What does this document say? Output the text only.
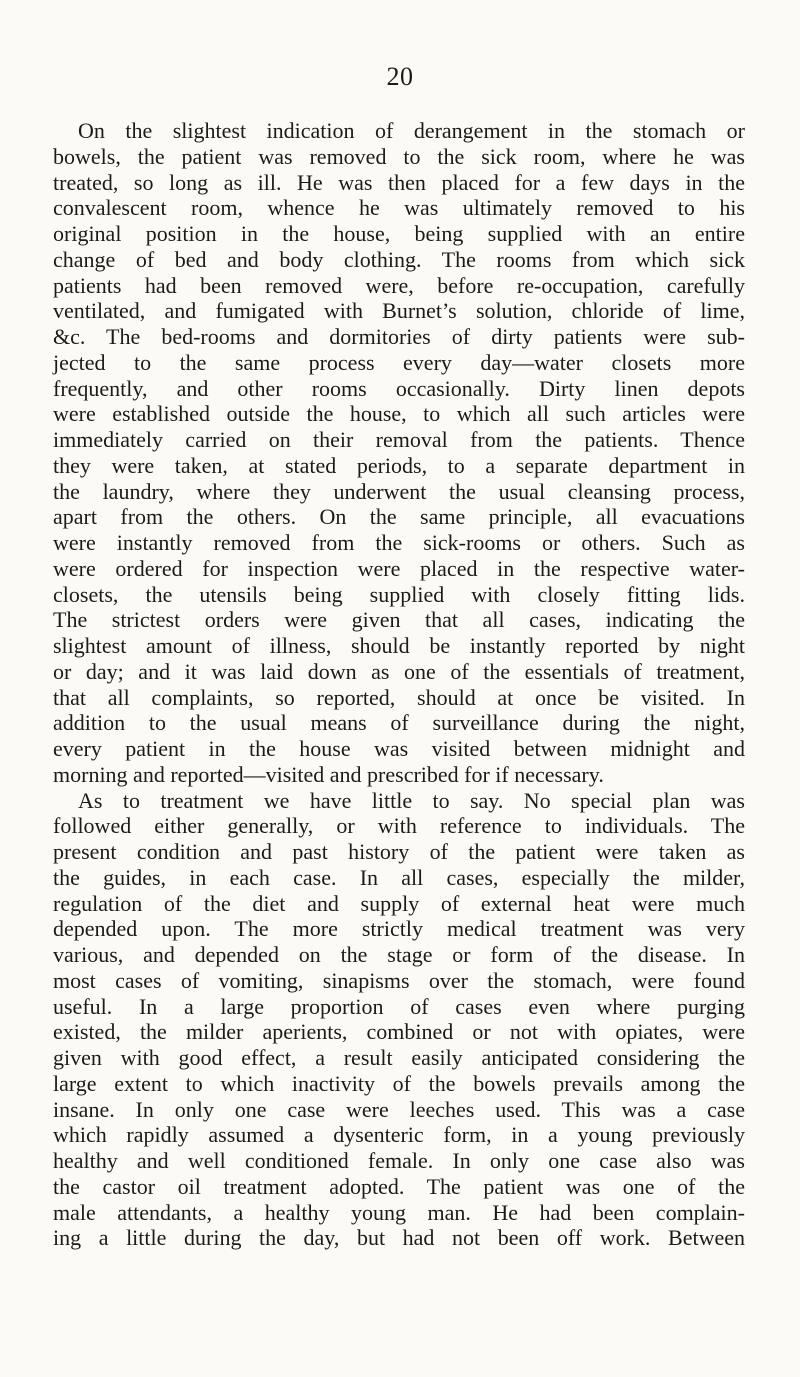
20
On the slightest indication of derangement in the stomach or
bowels, the patient was removed to the sick room, where he was
treated, so long as ill. He was then placed for a few days in the
convalescent room, whence he was ultimately removed to his
original position in the house, being supplied with an entire
change of bed and body clothing. The rooms from which sick
patients had been removed were, before re-occupation, carefully
ventilated, and fumigated with Burnet’s solution, chloride of lime,
&c. The bed-rooms and dormitories of dirty patients were sub-
jected to the same process every day—water closets more
frequently, and other rooms occasionally. Dirty linen depots
were established outside the house, to which all such articles were
immediately carried on their removal from the patients. Thence
they were taken, at stated periods, to a separate department in
the laundry, where they underwent the usual cleansing process,
apart from the others. On the same principle, all evacuations
were instantly removed from the sick-rooms or others. Such as
were ordered for inspection were placed in the respective water-
closets, the utensils being supplied with closely fitting lids.
The strictest orders were given that all cases, indicating the
slightest amount of illness, should be instantly reported by night
or day; and it was laid down as one of the essentials of treatment,
that all complaints, so reported, should at once be visited. In
addition to the usual means of surveillance during the night,
every patient in the house was visited between midnight and
morning and reported—visited and prescribed for if necessary.
As to treatment we have little to say. No special plan was
followed either generally, or with reference to individuals. The
present condition and past history of the patient were taken as
the guides, in each case. In all cases, especially the milder,
regulation of the diet and supply of external heat were much
depended upon. The more strictly medical treatment was very
various, and depended on the stage or form of the disease. In
most cases of vomiting, sinapisms over the stomach, were found
useful. In a large proportion of cases even where purging
existed, the milder aperients, combined or not with opiates, were
given with good effect, a result easily anticipated considering the
large extent to which inactivity of the bowels prevails among the
insane. In only one case were leeches used. This was a case
which rapidly assumed a dysenteric form, in a young previously
healthy and well conditioned female. In only one case also was
the castor oil treatment adopted. The patient was one of the
male attendants, a healthy young man. He had been complain-
ing a little during the day, but had not been off work. Between
